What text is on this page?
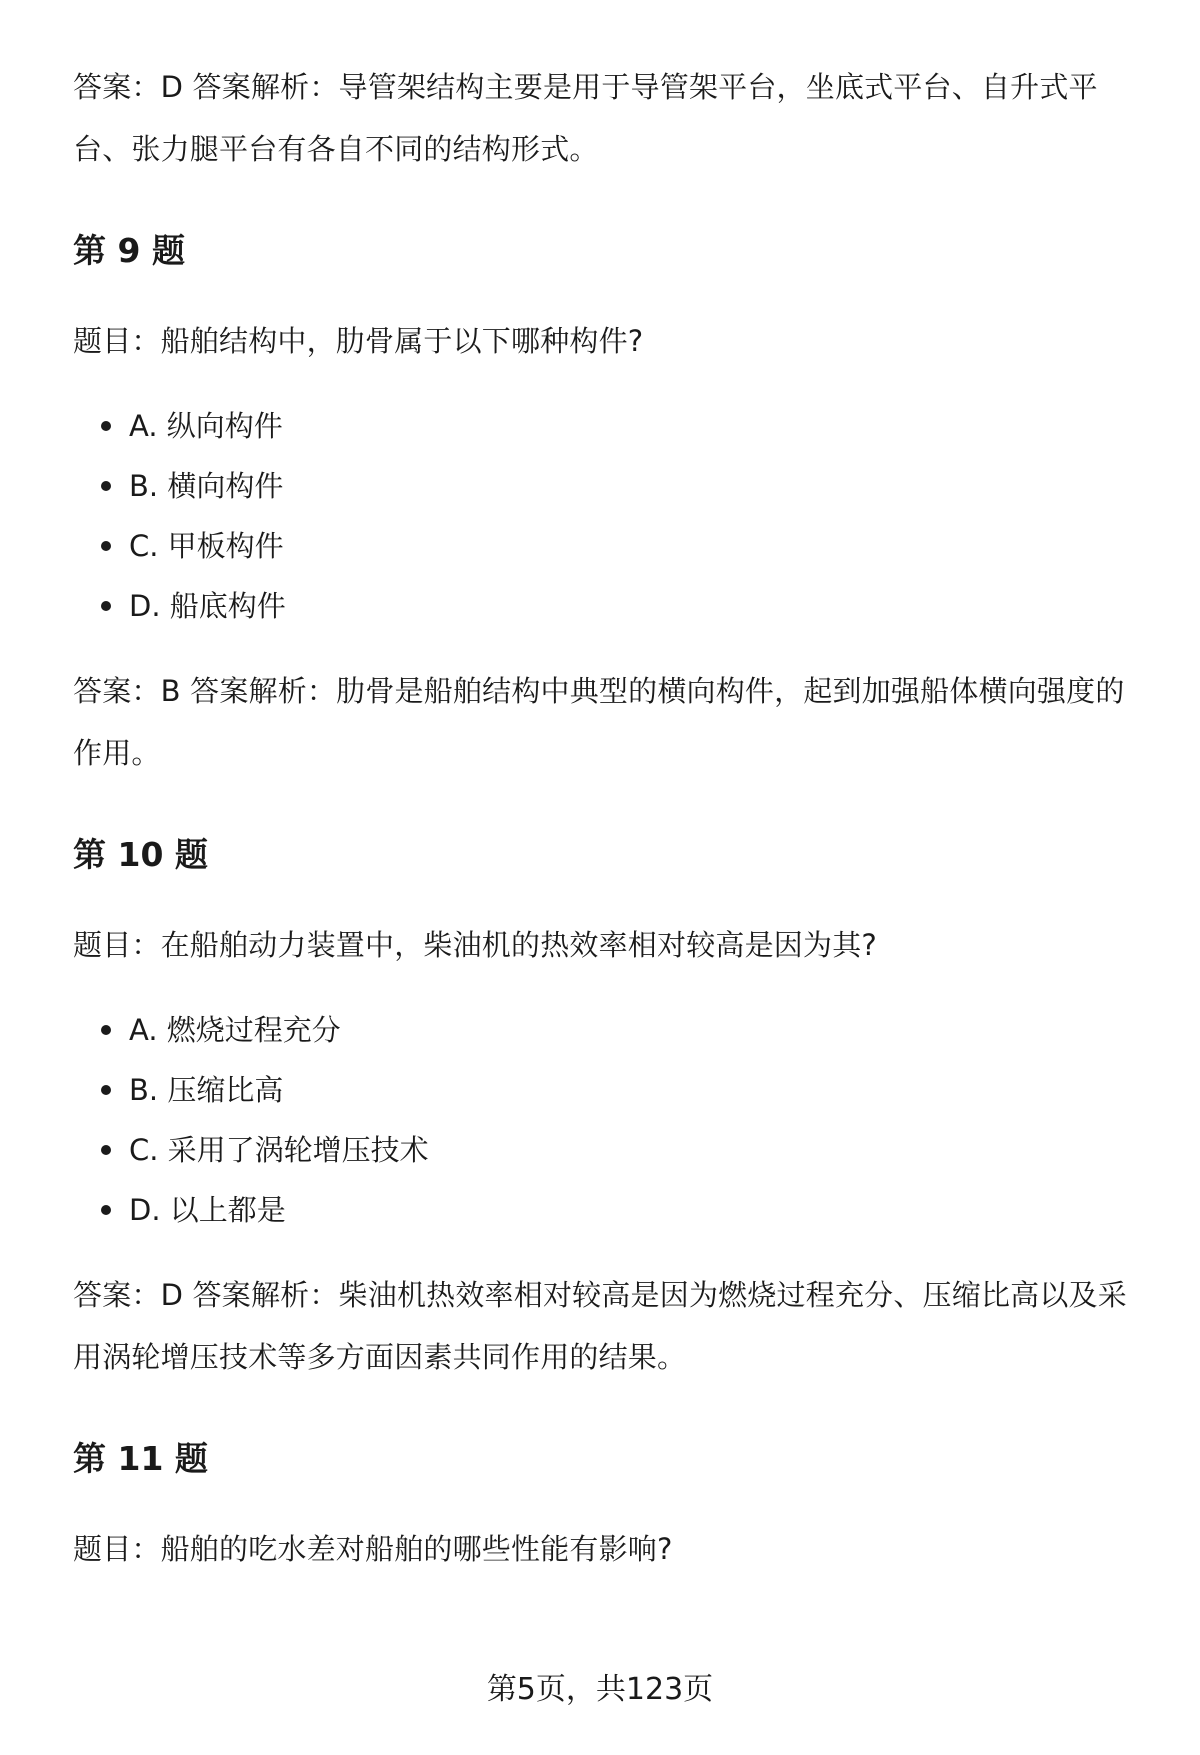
答案：D 答案解析：导管架结构主要是用于导管架平台，坐底式平台、自升式平台、张力腿平台有各自不同的结构形式。

第 9 题

题目：船舶结构中，肋骨属于以下哪种构件?

A. 纵向构件
B. 横向构件
C. 甲板构件
D. 船底构件

答案：B 答案解析：肋骨是船舶结构中典型的横向构件，起到加强船体横向强度的作用。

第 10 题

题目：在船舶动力装置中，柴油机的热效率相对较高是因为其?

A. 燃烧过程充分
B. 压缩比高
C. 采用了涡轮增压技术
D. 以上都是

答案：D 答案解析：柴油机热效率相对较高是因为燃烧过程充分、压缩比高以及采用涡轮增压技术等多方面因素共同作用的结果。

第 11 题

题目：船舶的吃水差对船舶的哪些性能有影响?

第5页，共123页
